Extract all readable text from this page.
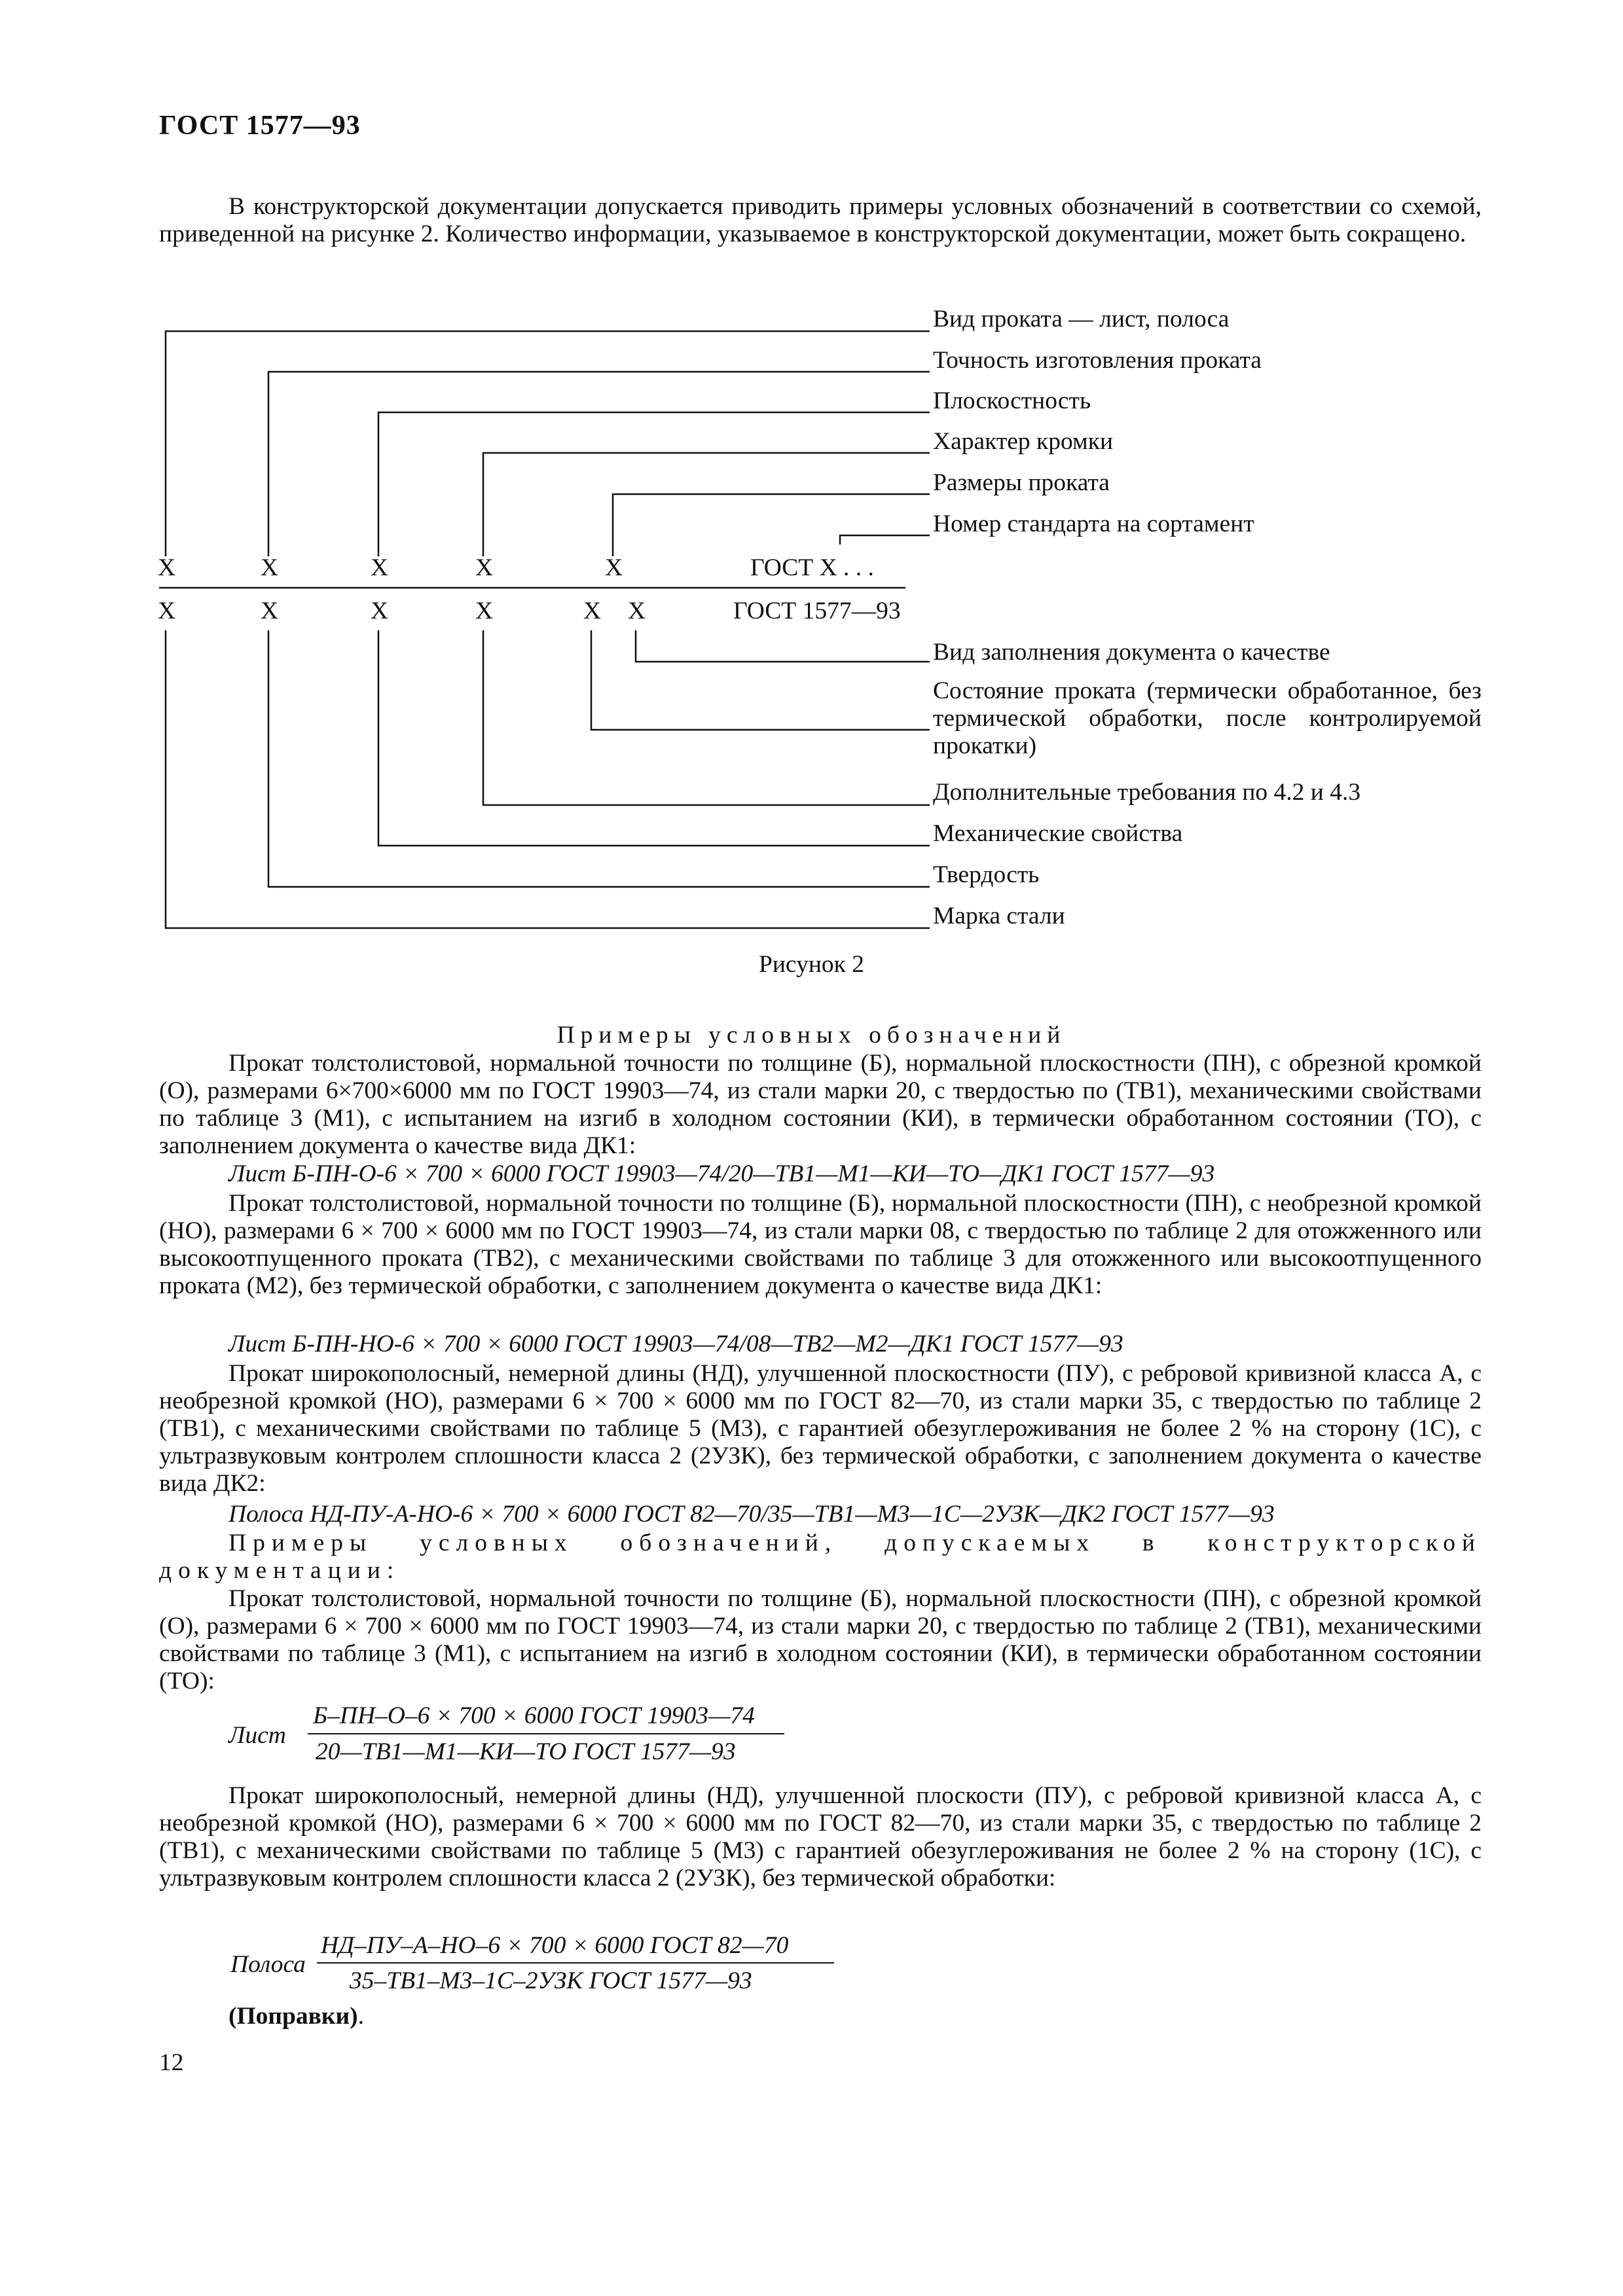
ГОСТ 1577—93
В конструкторской документации допускается приводить примеры условных обозначений в соответствии со схемой, приведенной на рисунке 2. Количество информации, указываемое в конструкторской документации, может быть сокращено.
Вид проката — лист, полоса
Точность изготовления проката
Плоскостность
Характер кромки
Размеры проката
Номер стандарта на сортамент
Х	Х	Х	Х	Х	ГОСТ Х . . .
Х	Х	Х	Х	Х Х	ГОСТ 1577—93
Вид заполнения документа о качестве
Состояние проката (термически обработанное, без термической обработки, после контролируемой прокатки)
Дополнительные требования по 4.2 и 4.3
Механические свойства
Твердость
Марка стали
Рисунок 2
Примеры условных обозначений
Прокат толстолистовой, нормальной точности по толщине (Б), нормальной плоскостности (ПН), с обрезной кромкой (О), размерами 6×700×6000 мм по ГОСТ 19903—74, из стали марки 20, с твердостью по (ТВ1), механическими свойствами по таблице 3 (М1), с испытанием на изгиб в холодном состоянии (КИ), в термически обработанном состоянии (ТО), с заполнением документа о качестве вида ДК1:
Лист Б-ПН-О-6 × 700 × 6000 ГОСТ 19903—74/20—ТВ1—М1—КИ—ТО—ДК1 ГОСТ 1577—93
Прокат толстолистовой, нормальной точности по толщине (Б), нормальной плоскостности (ПН), с необрезной кромкой (НО), размерами 6 × 700 × 6000 мм по ГОСТ 19903—74, из стали марки 08, с твердостью по таблице 2 для отожженного или высокоотпущенного проката (ТВ2), с механическими свойствами по таблице 3 для отожженного или высокоотпущенного проката (М2), без термической обработки, с заполнением документа о качестве вида ДК1:
Лист Б-ПН-НО-6 × 700 × 6000 ГОСТ 19903—74/08—ТВ2—М2—ДК1 ГОСТ 1577—93
Прокат широкополосный, немерной длины (НД), улучшенной плоскостности (ПУ), с ребровой кривизной класса А, с необрезной кромкой (НО), размерами 6 × 700 × 6000 мм по ГОСТ 82—70, из стали марки 35, с твердостью по таблице 2 (ТВ1), с механическими свойствами по таблице 5 (М3), с гарантией обезуглероживания не более 2 % на сторону (1С), с ультразвуковым контролем сплошности класса 2 (2УЗК), без термической обработки, с заполнением документа о качестве вида ДК2:
Полоса НД-ПУ-А-НО-6 × 700 × 6000 ГОСТ 82—70/35—ТВ1—М3—1С—2УЗК—ДК2 ГОСТ 1577—93
Примеры условных обозначений, допускаемых в конструкторской документации:
Прокат толстолистовой, нормальной точности по толщине (Б), нормальной плоскостности (ПН), с обрезной кромкой (О), размерами 6 × 700 × 6000 мм по ГОСТ 19903—74, из стали марки 20, с твердостью по таблице 2 (ТВ1), механическими свойствами по таблице 3 (М1), с испытанием на изгиб в холодном состоянии (КИ), в термически обработанном состоянии (ТО):
Лист
Б–ПН–О–6 × 700 × 6000 ГОСТ 19903—74
20—ТВ1—М1—КИ—ТО ГОСТ 1577—93
Прокат широкополосный, немерной длины (НД), улучшенной плоскости (ПУ), с ребровой кривизной класса А, с необрезной кромкой (НО), размерами 6 × 700 × 6000 мм по ГОСТ 82—70, из стали марки 35, с твердостью по таблице 2 (ТВ1), с механическими свойствами по таблице 5 (М3) с гарантией обезуглероживания не более 2 % на сторону (1С), с ультразвуковым контролем сплошности класса 2 (2УЗК), без термической обработки:
Полоса
НД–ПУ–А–НО–6 × 700 × 6000 ГОСТ 82—70
35–ТВ1–М3–1С–2УЗК ГОСТ 1577—93
(Поправки).
12
